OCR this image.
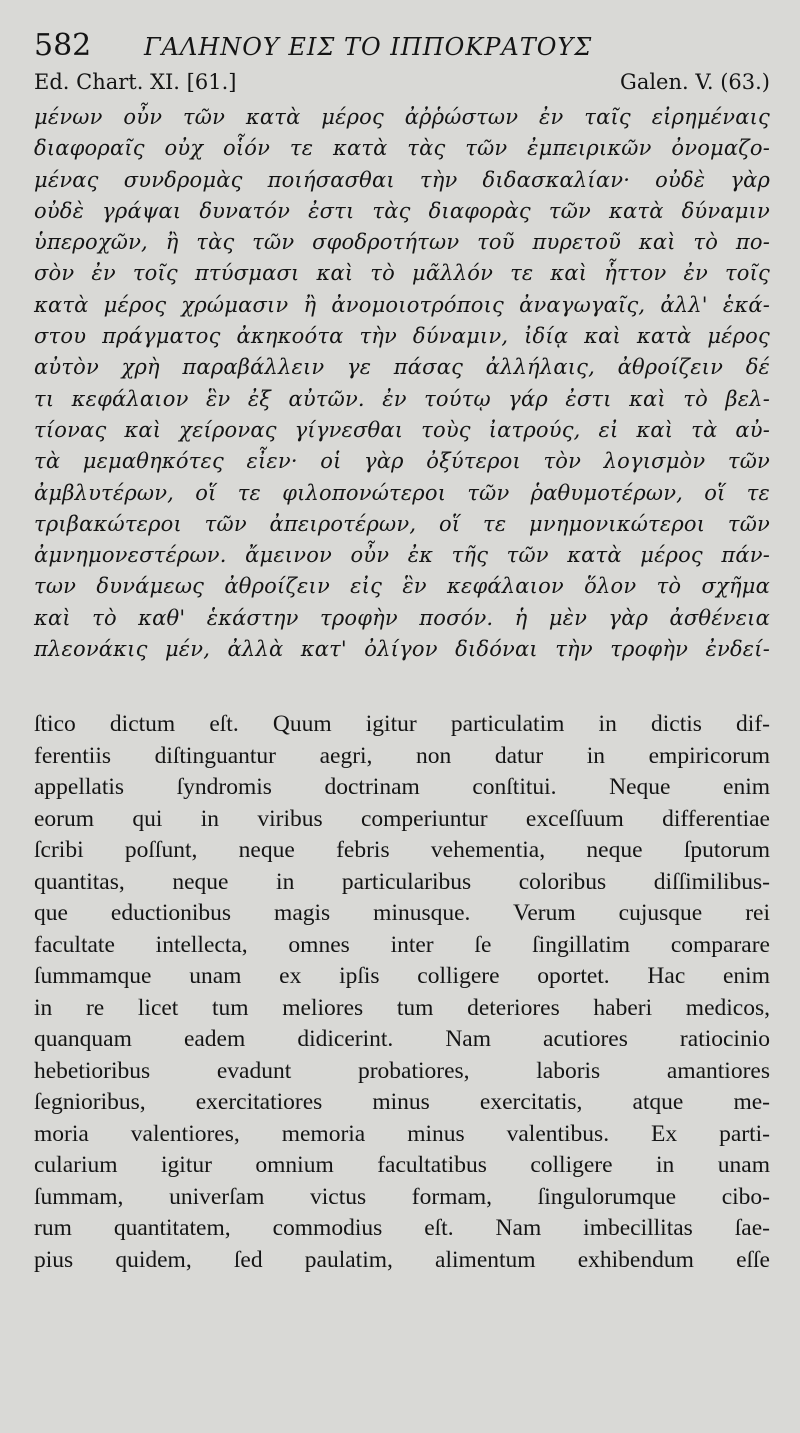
582	ΓΑΛΗΝΟΥ ΕΙΣ ΤΟ ΙΠΠΟΚΡΑΤΟΥΣ
Ed. Chart. XI. [61.]	Galen. V. (63.)
μένων οὖν τῶν κατὰ μέρος ἀῤῥώστων ἐν ταῖς εἰρημέναις
διαφοραῖς οὐχ οἷόν τε κατὰ τὰς τῶν ἐμπειρικῶν ὀνομαζο-
μένας συνδρομὰς ποιήσασθαι τὴν διδασκαλίαν· οὐδὲ γὰρ
οὐδὲ γράψαι δυνατόν ἐστι τὰς διαφορὰς τῶν κατὰ δύναμιν
ὑπεροχῶν, ἢ τὰς τῶν σφοδροτήτων τοῦ πυρετοῦ καὶ τὸ πο-
σὸν ἐν τοῖς πτύσμασι καὶ τὸ μᾶλλόν τε καὶ ἧττον ἐν τοῖς
κατὰ μέρος χρώμασιν ἢ ἀνομοιοτρόποις ἀναγωγαῖς, ἀλλ' ἑκά-
στου πράγματος ἀκηκοότα τὴν δύναμιν, ἰδίᾳ καὶ κατὰ μέρος
αὐτὸν χρὴ παραβάλλειν γε πάσας ἀλλήλαις, ἀθροίζειν δέ
τι κεφάλαιον ἓν ἐξ αὐτῶν. ἐν τούτῳ γάρ ἐστι καὶ τὸ βελ-
τίονας καὶ χείρονας γίγνεσθαι τοὺς ἰατρούς, εἰ καὶ τὰ αὐ-
τὰ μεμαθηκότες εἶεν· οἱ γὰρ ὀξύτεροι τὸν λογισμὸν τῶν
ἀμβλυτέρων, οἵ τε φιλοπονώτεροι τῶν ῥαθυμοτέρων, οἵ τε
τριβακώτεροι τῶν ἀπειροτέρων, οἵ τε μνημονικώτεροι τῶν
ἀμνημονεστέρων. ἄμεινον οὖν ἐκ τῆς τῶν κατὰ μέρος πάν-
των δυνάμεως ἀθροίζειν εἰς ἓν κεφάλαιον ὅλον τὸ σχῆμα
καὶ τὸ καθ' ἑκάστην τροφὴν ποσόν. ἡ μὲν γὰρ ἀσθένεια
πλεονάκις μέν, ἀλλὰ κατ' ὀλίγον διδόναι τὴν τροφὴν ἐνδεί-
ſtico dictum eſt. Quum igitur particulatim in dictis dif-
ferentiis diſtinguantur aegri, non datur in empiricorum
appellatis ſyndromis doctrinam conſtitui. Neque enim
eorum qui in viribus comperiuntur exceſſuum differentiae
ſcribi poſſunt, neque febris vehementia, neque ſputorum
quantitas, neque in particularibus coloribus diſſimilibus-
que eductionibus magis minusque. Verum cujusque rei
facultate intellecta, omnes inter ſe ſingillatim comparare
ſummamque unam ex ipſis colligere oportet. Hac enim
in re licet tum meliores tum deteriores haberi medicos,
quanquam eadem didicerint. Nam acutiores ratiocinio
hebetioribus evadunt probatiores, laboris amantiores
ſegnioribus, exercitatiores minus exercitatis, atque me-
moria valentiores, memoria minus valentibus. Ex parti-
cularium igitur omnium facultatibus colligere in unam
ſummam, univerſam victus formam, ſingulorumque cibo-
rum quantitatem, commodius eſt. Nam imbecillitas ſae-
pius quidem, ſed paulatim, alimentum exhibendum eſſe
